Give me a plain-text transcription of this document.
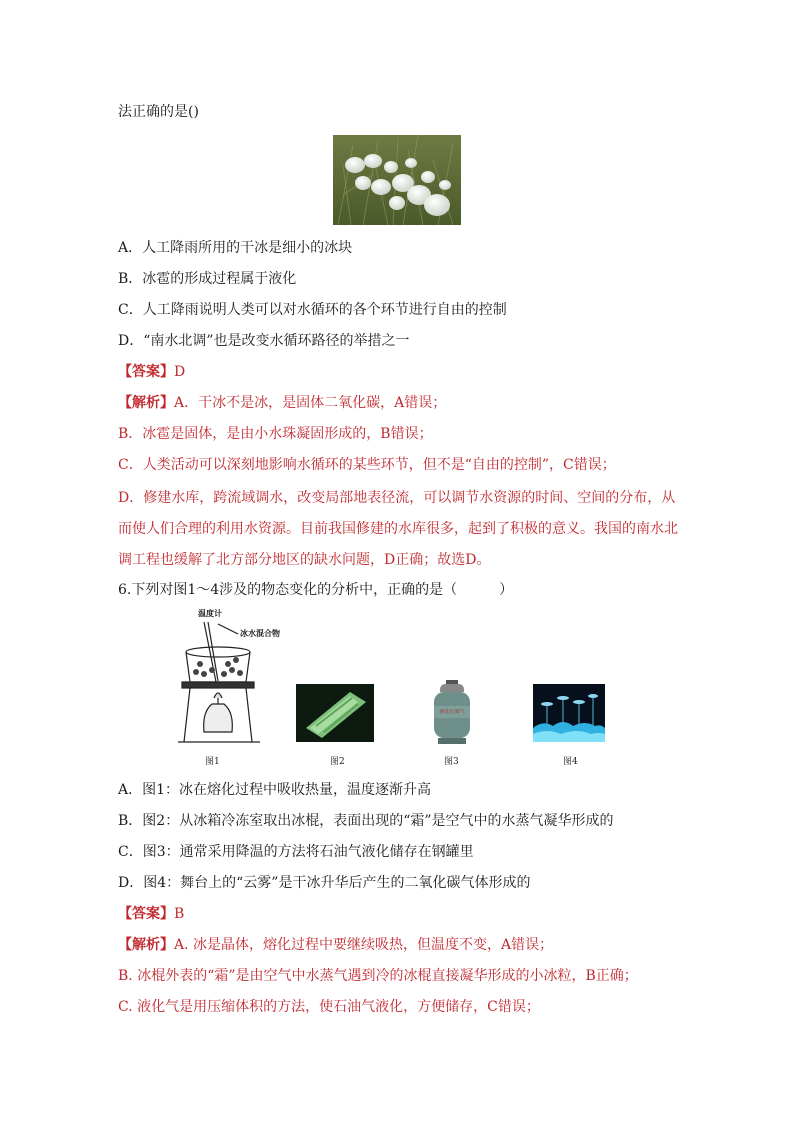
法正确的是()
A．人工降雨所用的干冰是细小的冰块
B．冰雹的形成过程属于液化
C．人工降雨说明人类可以对水循环的各个环节进行自由的控制
D．“南水北调”也是改变水循环路径的举措之一
【答案】D
【解析】A．干冰不是冰，是固体二氧化碳，A错误；
B．冰雹是固体，是由小水珠凝固形成的，B错误；
C．人类活动可以深刻地影响水循环的某些环节，但不是“自由的控制”，C错误；
D．修建水库，跨流域调水，改变局部地表径流，可以调节水资源的时间、空间的分布，从
而使人们合理的利用水资源。目前我国修建的水库很多，起到了积极的意义。我国的南水北
调工程也缓解了北方部分地区的缺水问题，D正确；故选D。
6.下列对图1～4涉及的物态变化的分析中，正确的是（　　　）
温度计
冰水混合物
图1	图2
液化石油气
图3	图4
A．图1：冰在熔化过程中吸收热量，温度逐渐升高
B．图2：从冰箱冷冻室取出冰棍，表面出现的“霜”是空气中的水蒸气凝华形成的
C．图3：通常采用降温的方法将石油气液化储存在钢罐里
D．图4：舞台上的“云雾”是干冰升华后产生的二氧化碳气体形成的
【答案】B
【解析】A. 冰是晶体，熔化过程中要继续吸热，但温度不变，A错误；
B. 冰棍外表的“霜”是由空气中水蒸气遇到冷的冰棍直接凝华形成的小冰粒，B正确；
C. 液化气是用压缩体积的方法，使石油气液化，方便储存，C错误；
